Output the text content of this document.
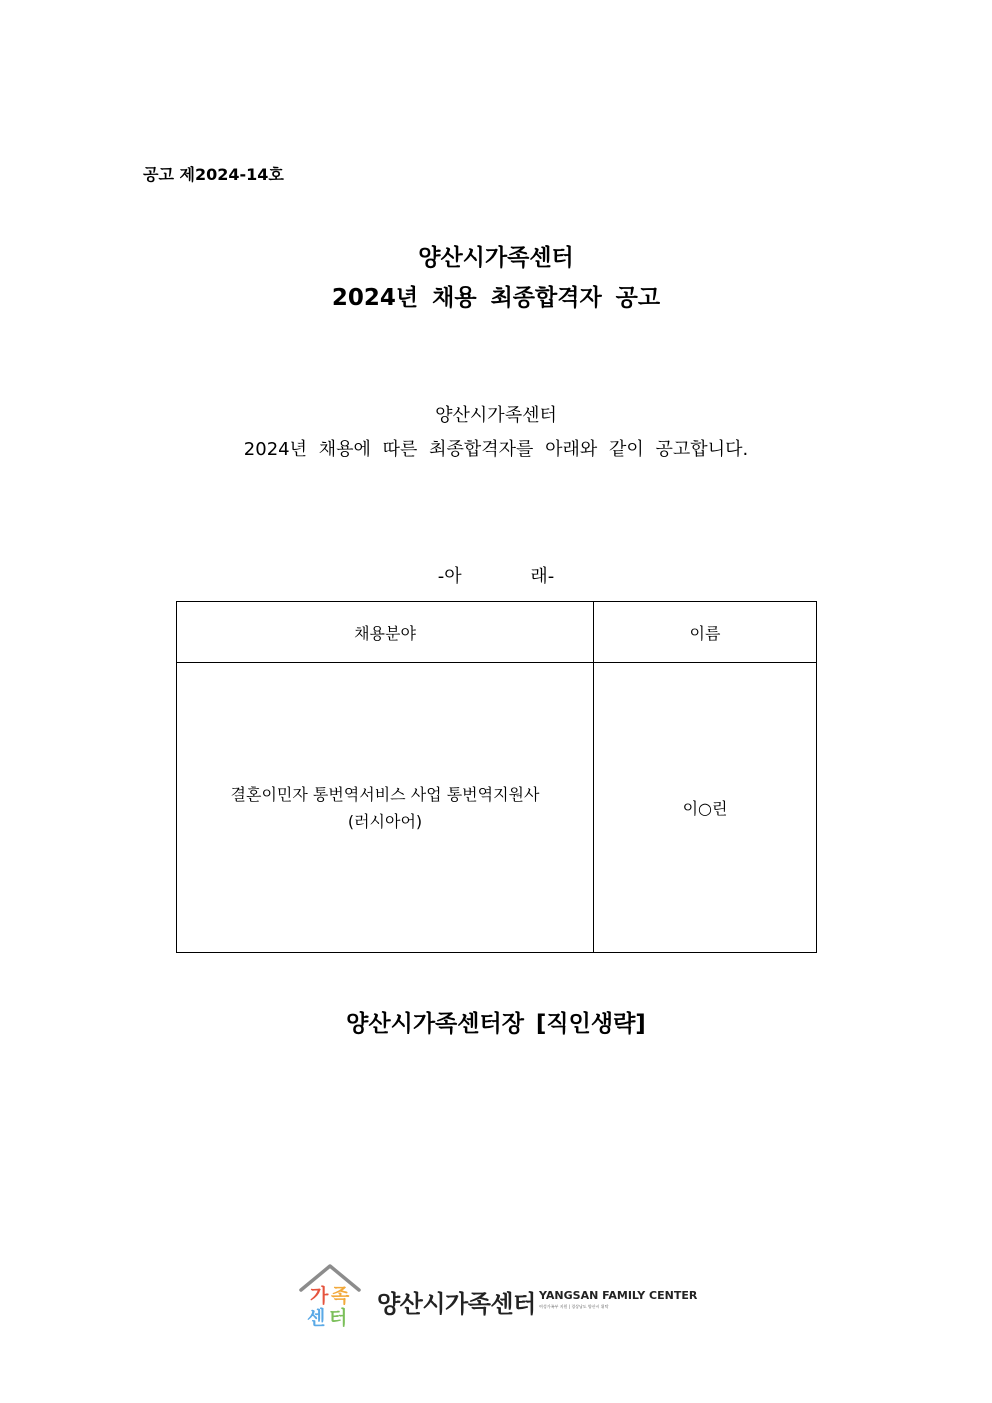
공고 제2024-14호
양산시가족센터
2024년 채용 최종합격자 공고
양산시가족센터
2024년 채용에 따른 최종합격자를 아래와 같이 공고합니다.
-아            래-
채용분야	이름

결혼이민자 통번역서비스 사업 통번역지원사
(러시아어)	이○린
양산시가족센터장 [직인생략]
가 족
센 터 양산시가족센터 YANGSAN FAMILY CENTER
여성가족부 지원 | 경상남도 양산시 위탁
